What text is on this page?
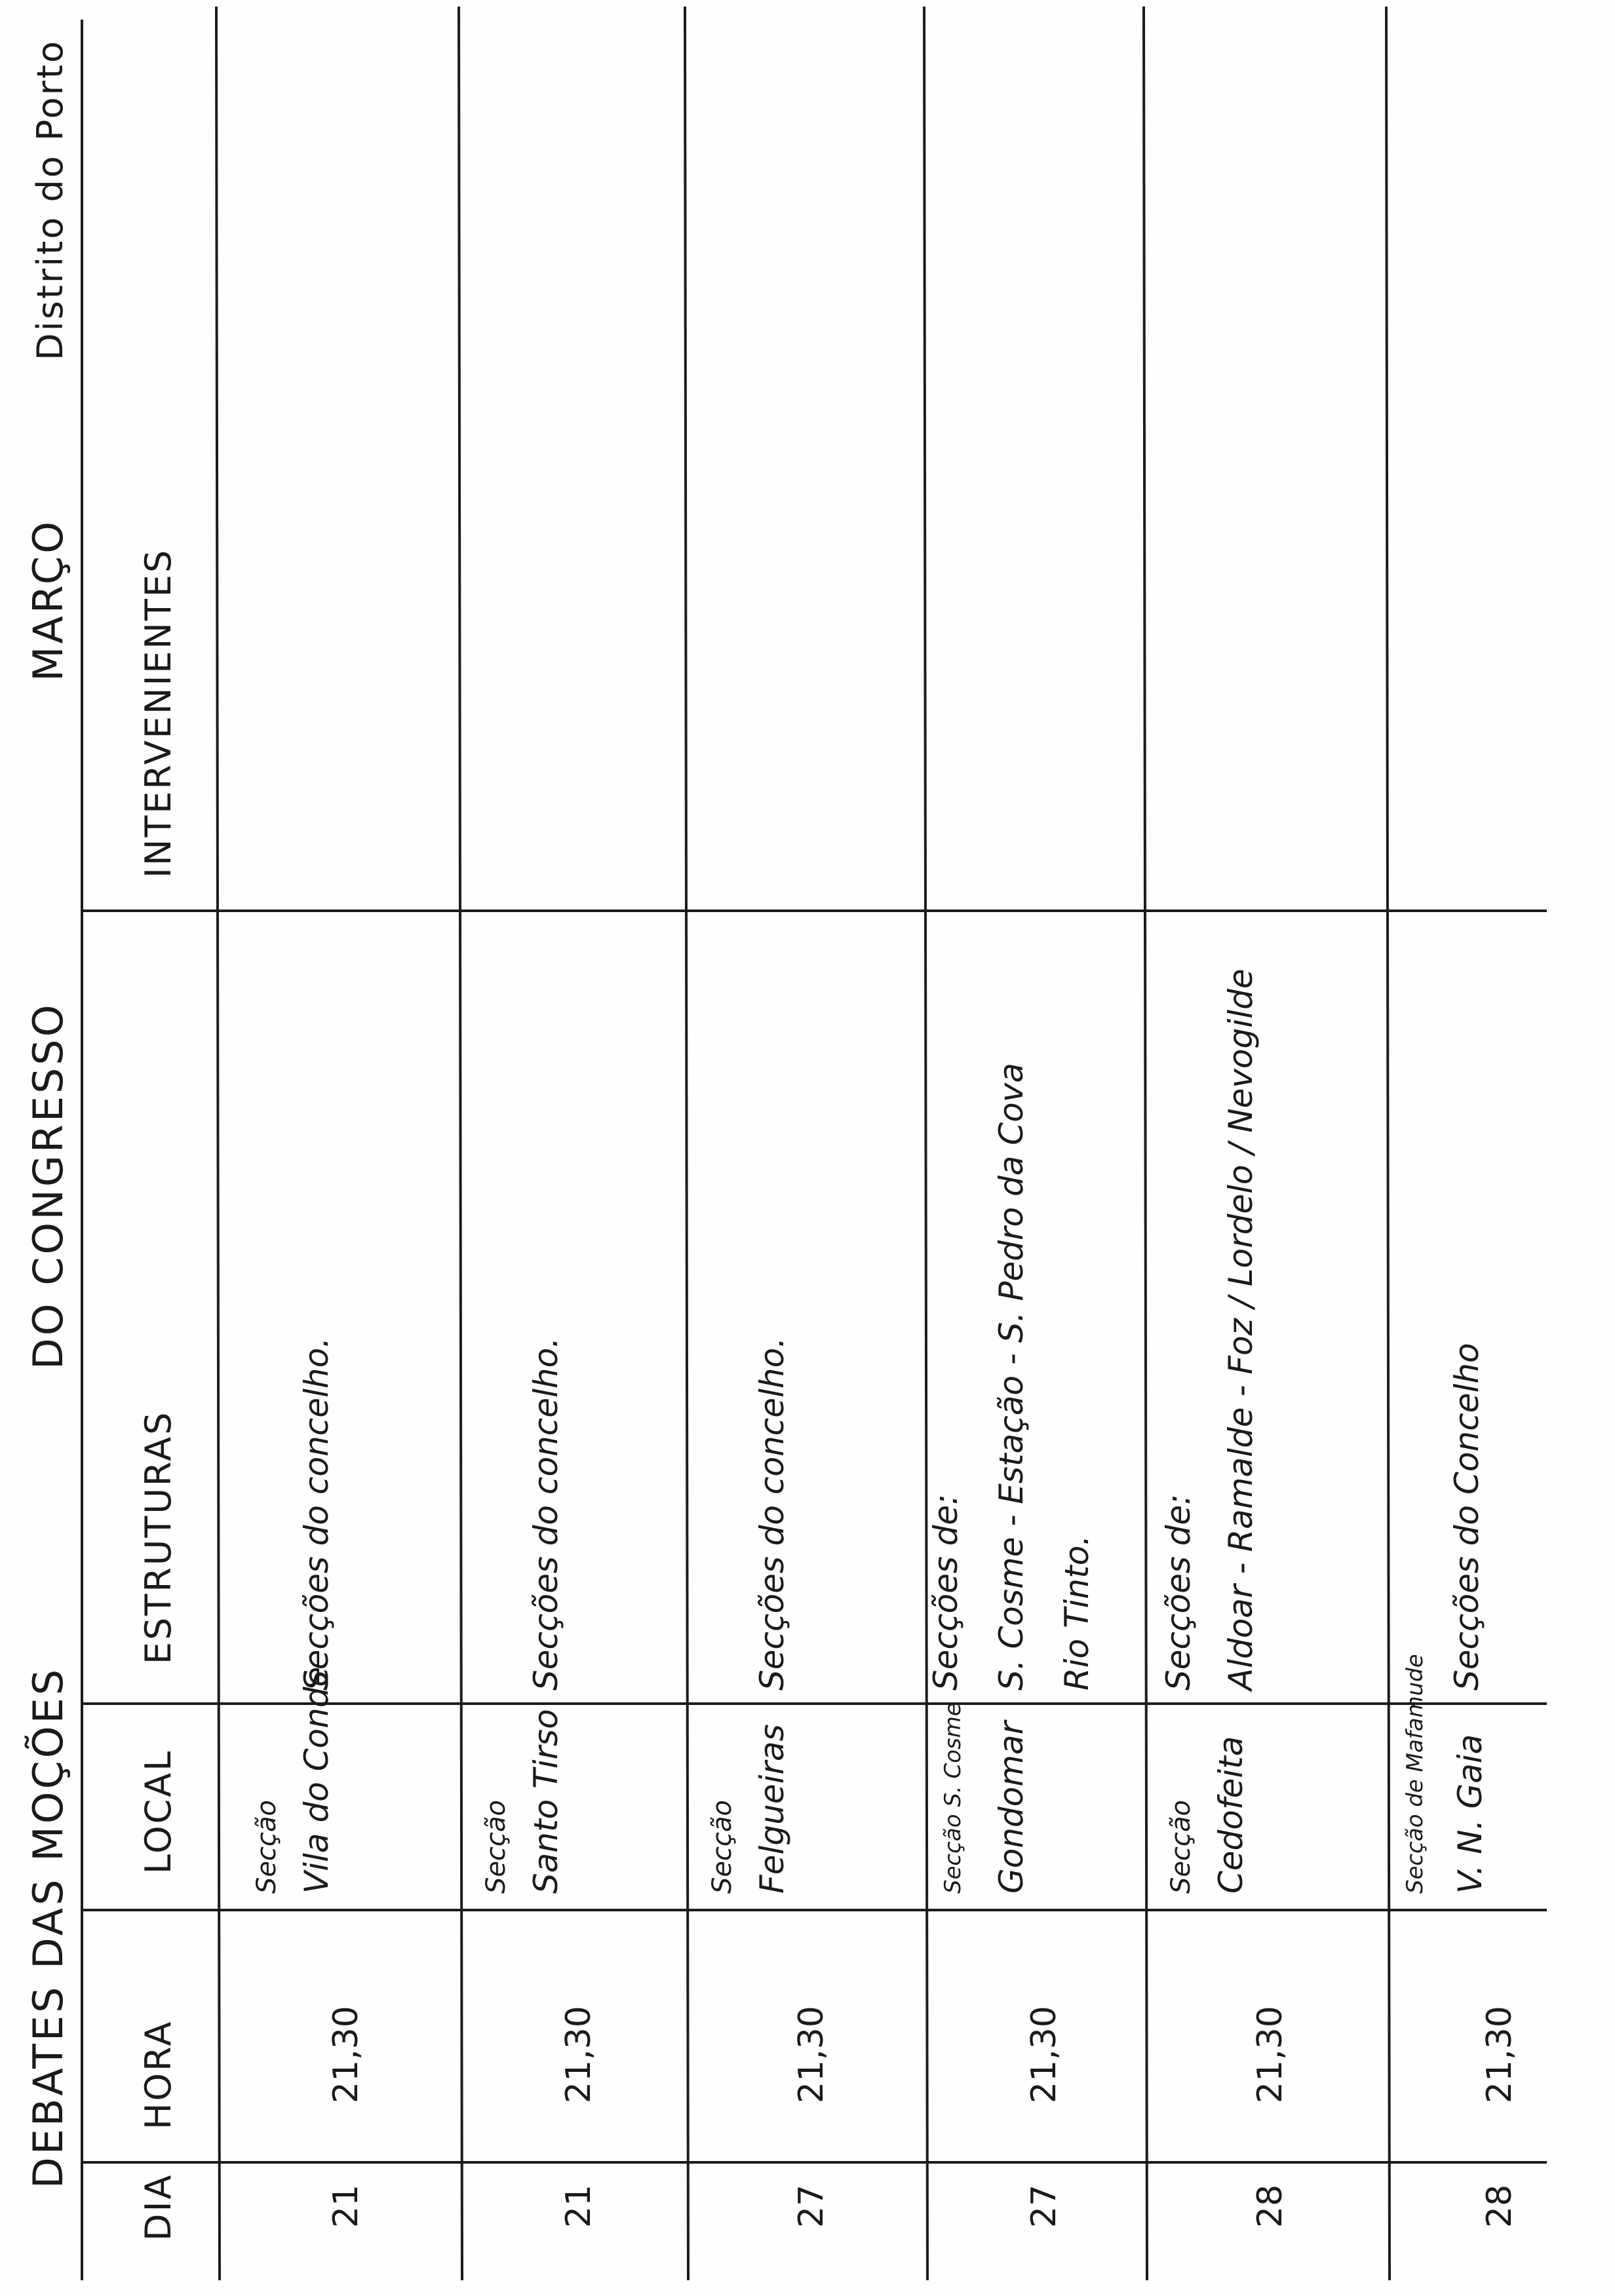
DEBATES DAS MOÇÕES
DO CONGRESSO
MARÇO
Distrito do Porto
DIA
HORA
LOCAL
ESTRUTURAS
INTERVENIENTES
21
21,30
Secção Vila do Conde
Secções do concelho.
21
21,30
Secção Santo Tirso
Secções do concelho.
27
21,30
Secção Felgueiras
Secções do concelho.
27
21,30
Secção S. Cosme Gondomar
Secções de: S. Cosme - Estação - S. Pedro da Cova Rio Tinto.
28
21,30
Secção Cedofeita
Secções de: Aldoar - Ramalde - Foz / Lordelo / Nevogilde
28
21,30
Secção de Mafamude V. N. Gaia
Secções do Concelho
